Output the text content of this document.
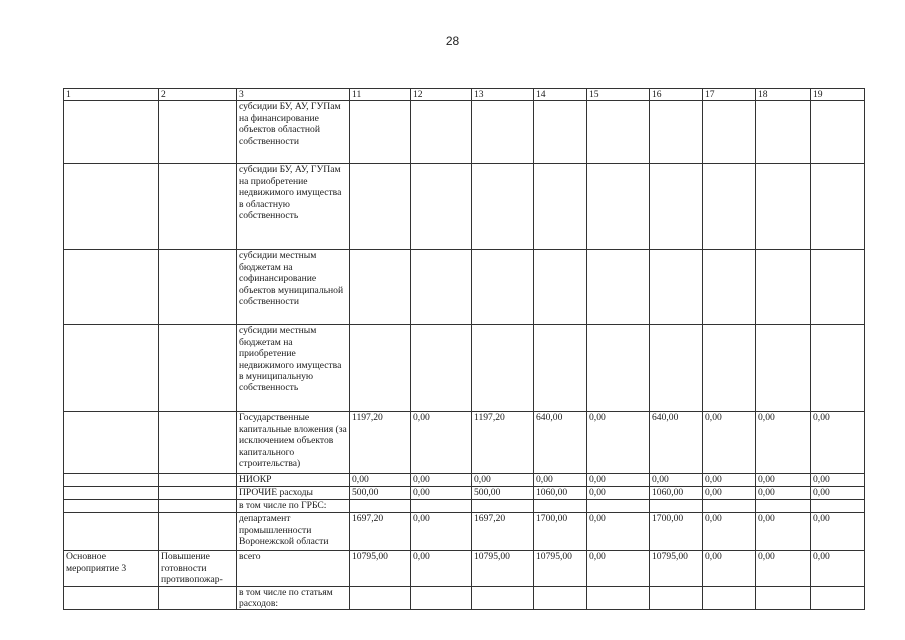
28
1	2	3	11	12	13	14	15	16	17	18	19
		субсидии БУ, АУ, ГУПам на финансирование объектов областной собственности									
		субсидии БУ, АУ, ГУПам на приобретение недвижимого имущества в областную собственность									
		субсидии местным бюджетам на софинансирование объектов муниципальной собственности									
		субсидии местным бюджетам на приобретение недвижимого имущества в муниципальную собственность									
		Государственные капитальные вложения (за исключением объектов капитального строительства)	1197,20	0,00	1197,20	640,00	0,00	640,00	0,00	0,00	0,00
		НИОКР	0,00	0,00	0,00	0,00	0,00	0,00	0,00	0,00	0,00
		ПРОЧИЕ расходы	500,00	0,00	500,00	1060,00	0,00	1060,00	0,00	0,00	0,00
		в том числе по ГРБС:									
		департамент промышленности Воронежской области	1697,20	0,00	1697,20	1700,00	0,00	1700,00	0,00	0,00	0,00
Основное мероприятие 3	Повышение готовности противопожар-	всего	10795,00	0,00	10795,00	10795,00	0,00	10795,00	0,00	0,00	0,00
		в том числе по статьям расходов:									
